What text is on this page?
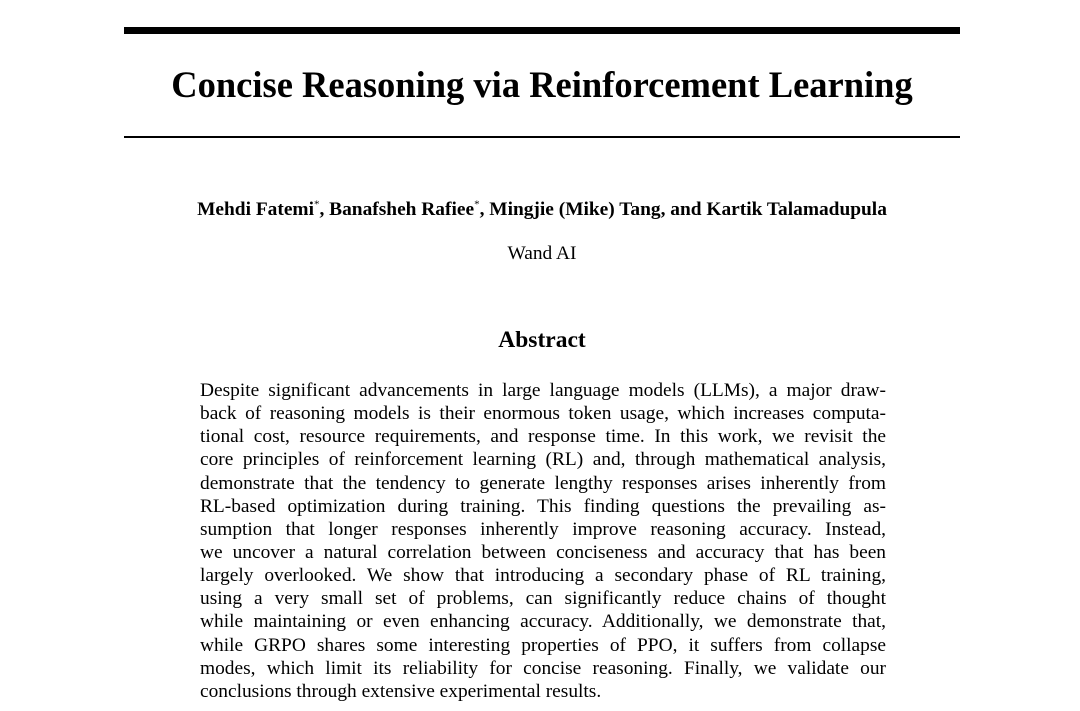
Concise Reasoning via Reinforcement Learning
Mehdi Fatemi*, Banafsheh Rafiee*, Mingjie (Mike) Tang, and Kartik Talamadupula
Wand AI
Abstract
Despite significant advancements in large language models (LLMs), a major draw-
back of reasoning models is their enormous token usage, which increases computa-
tional cost, resource requirements, and response time. In this work, we revisit the
core principles of reinforcement learning (RL) and, through mathematical analysis,
demonstrate that the tendency to generate lengthy responses arises inherently from
RL-based optimization during training. This finding questions the prevailing as-
sumption that longer responses inherently improve reasoning accuracy. Instead,
we uncover a natural correlation between conciseness and accuracy that has been
largely overlooked. We show that introducing a secondary phase of RL training,
using a very small set of problems, can significantly reduce chains of thought
while maintaining or even enhancing accuracy. Additionally, we demonstrate that,
while GRPO shares some interesting properties of PPO, it suffers from collapse
modes, which limit its reliability for concise reasoning. Finally, we validate our
conclusions through extensive experimental results.
